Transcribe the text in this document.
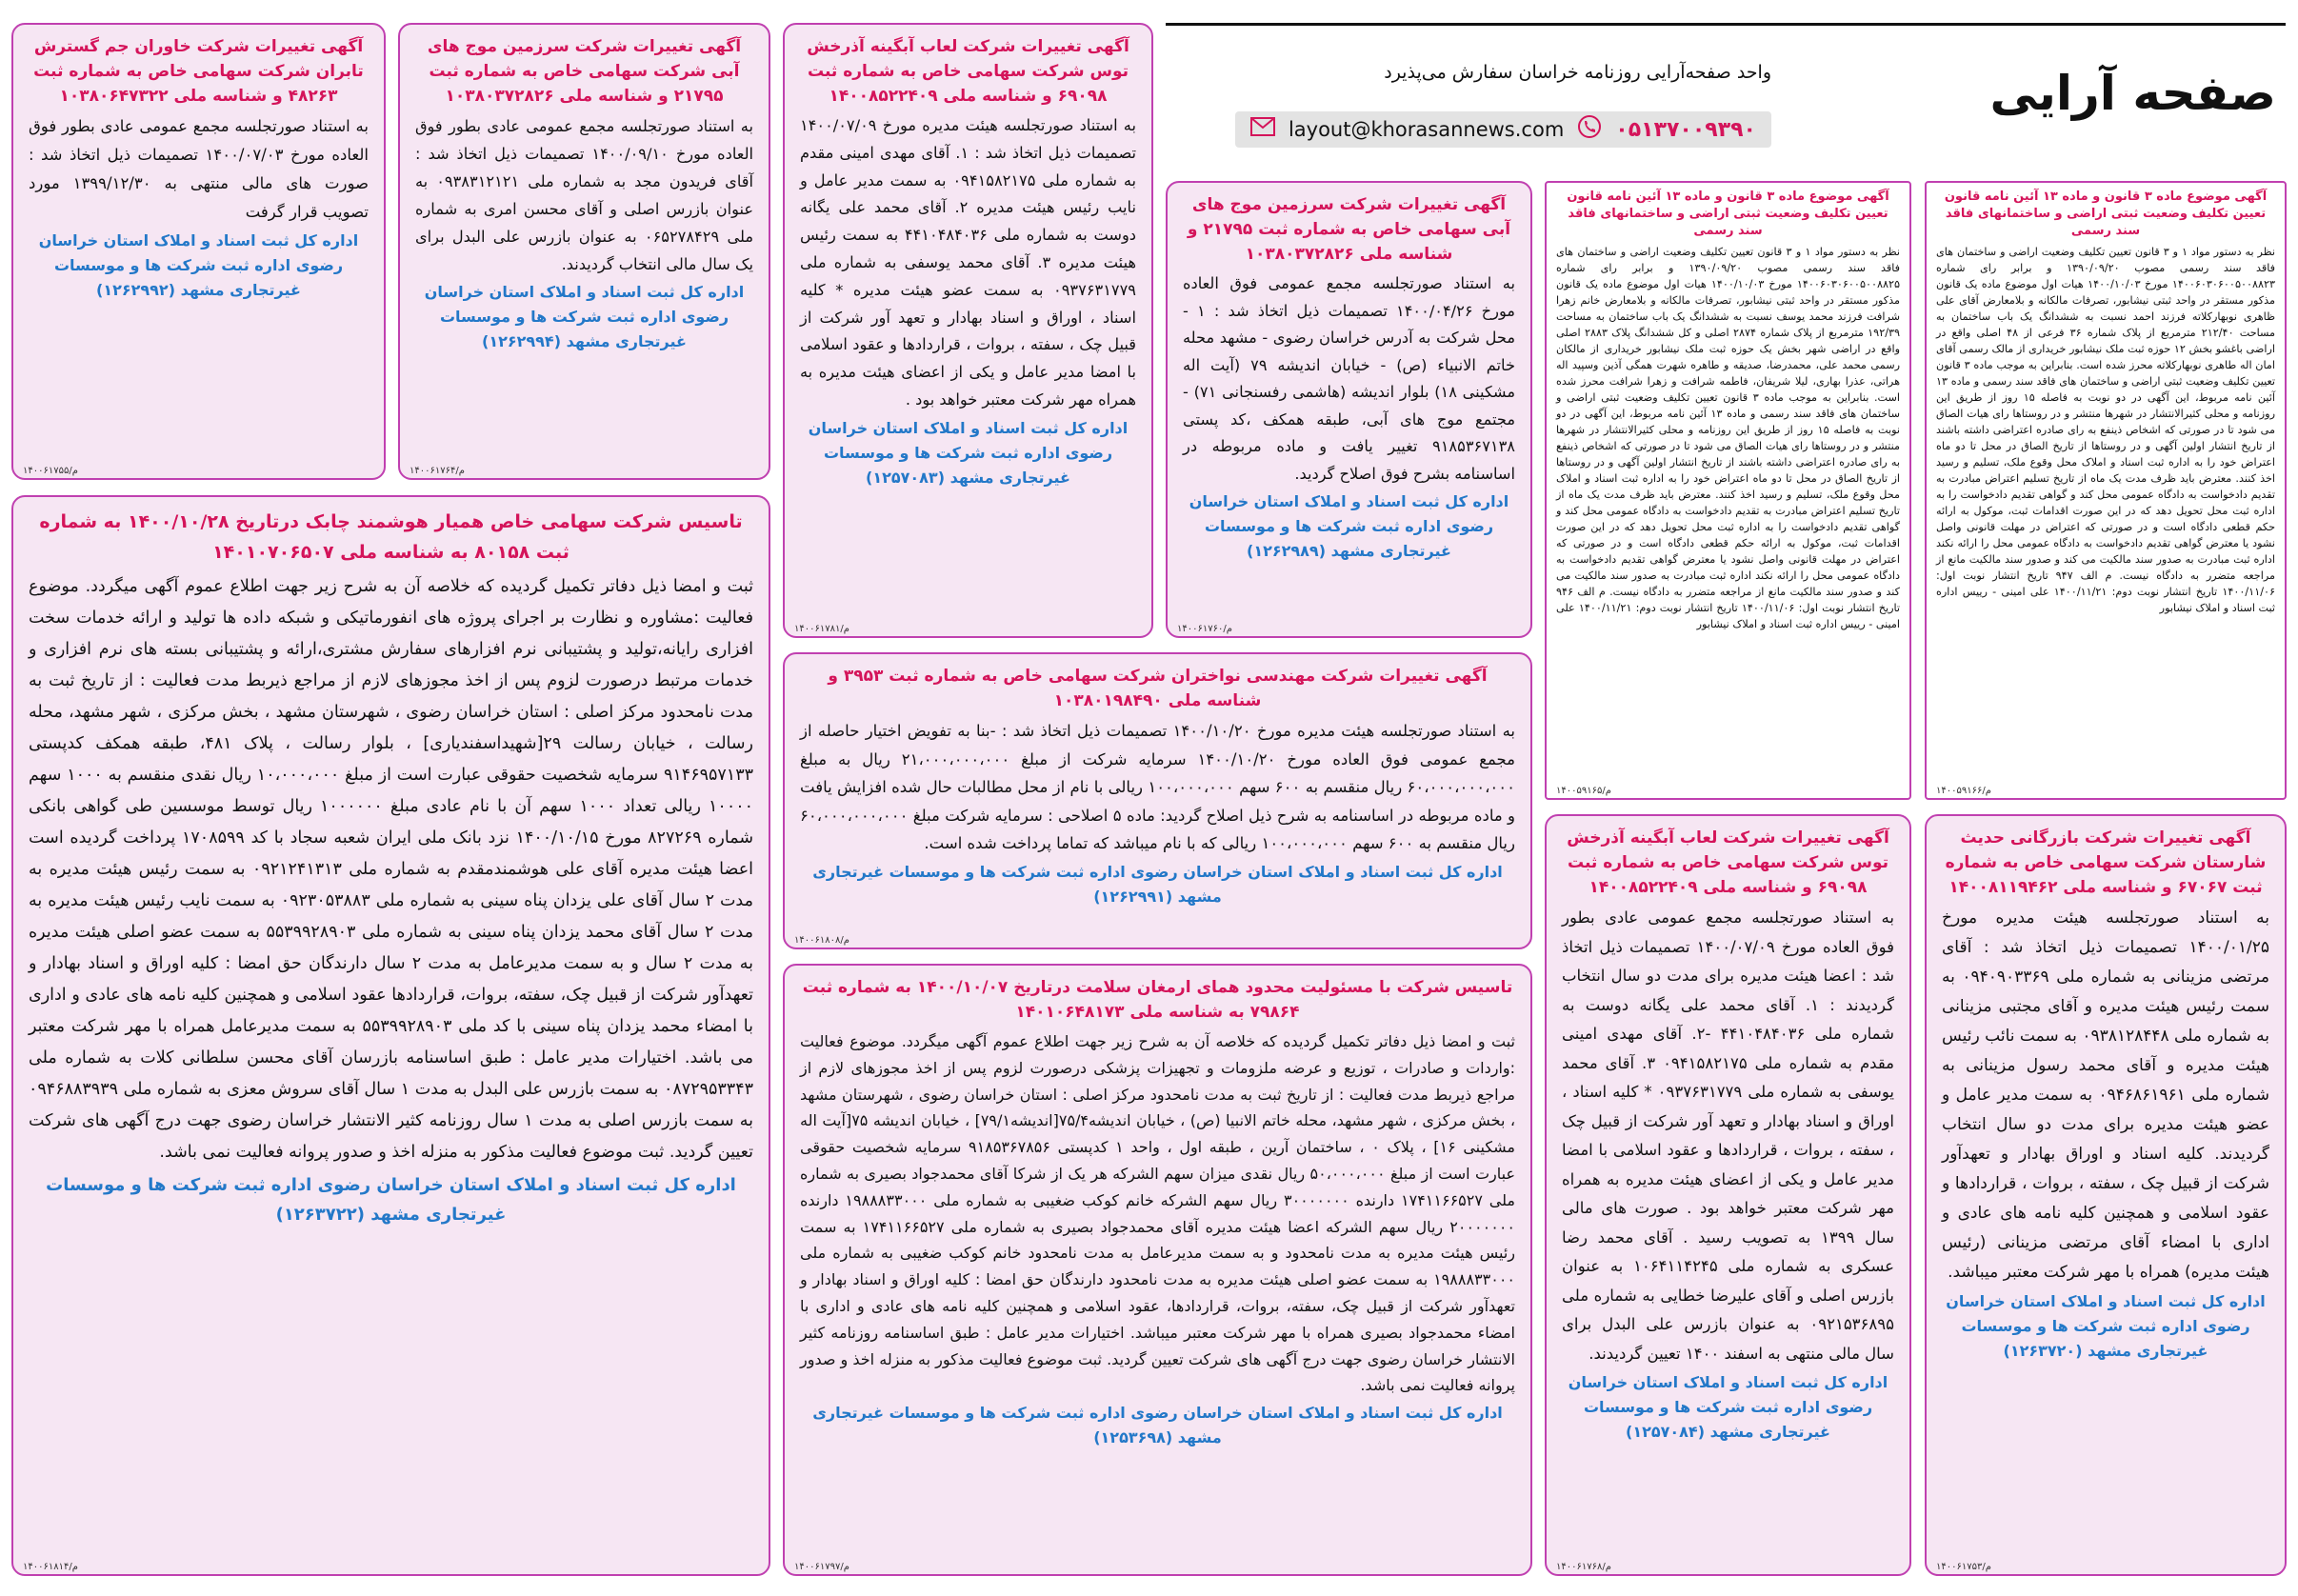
صفحه آرایی
واحد صفحه‌آرایی روزنامه خراسان سفارش می‌پذیرد
layout@khorasannews.com ۰۵۱۳۷۰۰۹۳۹۰
آگهی موضوع ماده ۳ قانون و ماده ۱۳ آئین نامه قانون تعیین تکلیف وضعیت ثبتی اراضی و ساختمانهای فاقد سند رسمی
نظر به دستور مواد ۱ و ۳ قانون تعیین تکلیف وضعیت اراضی و ساختمان های فاقد سند رسمی مصوب ۱۳۹۰/۰۹/۲۰ و برابر رای شماره ۱۴۰۰۶۰۳۰۶۰۰۵۰۰۸۸۲۳ مورخ ۱۴۰۰/۱۰/۰۳ هیات اول موضوع ماده یک قانون مذکور مستقر در واحد ثبتی نیشابور، تصرفات مالکانه و بلامعارض آقای علی ظاهری نوبهارکلاته فرزند احمد نسبت به ششدانگ یک باب ساختمان به مساحت ۲۱۲/۴۰ مترمربع از پلاک شماره ۳۶ فرعی از ۴۸ اصلی واقع در اراضی باغشو بخش ۱۲ حوزه ثبت ملک نیشابور خریداری از مالک رسمی آقای امان اله طاهری نوبهارکلاته محرز شده است. بنابراین به موجب ماده ۳ قانون تعیین تکلیف وضعیت ثبتی اراضی و ساختمان های فاقد سند رسمی و ماده ۱۳ آئین نامه مربوط، این آگهی در دو نوبت به فاصله ۱۵ روز از طریق این روزنامه و محلی کثیرالانتشار در شهرها منتشر و در روستاها رای هیات الصاق می شود تا در صورتی که اشخاص ذینفع به رای صادره اعتراضی داشته باشند از تاریخ انتشار اولین آگهی و در روستاها از تاریخ الصاق در محل تا دو ماه اعتراض خود را به اداره ثبت اسناد و املاک محل وقوع ملک، تسلیم و رسید اخذ کنند. معترض باید ظرف مدت یک ماه از تاریخ تسلیم اعتراض مبادرت به تقدیم دادخواست به دادگاه عمومی محل کند و گواهی تقدیم دادخواست را به اداره ثبت محل تحویل دهد که در این صورت اقدامات ثبت، موکول به ارائه حکم قطعی دادگاه است و در صورتی که اعتراض در مهلت قانونی واصل نشود یا معترض گواهی تقدیم دادخواست به دادگاه عمومی محل را ارائه نکند اداره ثبت مبادرت به صدور سند مالکیت می کند و صدور سند مالکیت مانع از مراجعه متضرر به دادگاه نیست. م الف ۹۴۷ تاریخ انتشار نوبت اول: ۱۴۰۰/۱۱/۰۶ تاریخ انتشار نوبت دوم: ۱۴۰۰/۱۱/۲۱ علی امینی - رییس اداره ثبت اسناد و املاک نیشابور
۱۴۰۰۵۹۱۶۶/م
آگهی تغییرات شرکت بازرگانی حدیث شارستان شرکت سهامی خاص به شماره ثبت ۶۷۰۶۷ و شناسه ملی ۱۴۰۰۸۱۱۹۴۶۲
به استناد صورتجلسه هیئت مدیره مورخ ۱۴۰۰/۰۱/۲۵ تصمیمات ذیل اتخاذ شد : آقای مرتضی مزینانی به شماره ملی ۰۹۴۰۹۰۳۳۶۹ به سمت رئیس هیئت مدیره و آقای مجتبی مزینانی به شماره ملی ۰۹۳۸۱۲۸۴۴۸ به سمت نائب رئیس هیئت مدیره و آقای محمد رسول مزینانی به شماره ملی ۰۹۴۶۸۶۱۹۶۱ به سمت مدیر عامل و عضو هیئت مدیره برای مدت دو سال انتخاب گردیدند. کلیه اسناد و اوراق بهادار و تعهدآور شرکت از قبیل چک ، سفته ، بروات ، قراردادها و عقود اسلامی و همچنین کلیه نامه های عادی و اداری با امضاء آقای مرتضی مزینانی (رئیس هیئت مدیره) همراه با مهر شرکت معتبر میباشد.
اداره کل ثبت اسناد و املاک استان خراسان رضوی اداره ثبت شرکت ها و موسسات غیرتجاری مشهد (۱۲۶۳۷۲۰)
۱۴۰۰۶۱۷۵۳/م
آگهی موضوع ماده ۳ قانون و ماده ۱۳ آئین نامه قانون تعیین تکلیف وضعیت ثبتی اراضی و ساختمانهای فاقد سند رسمی
نظر به دستور مواد ۱ و ۳ قانون تعیین تکلیف وضعیت اراضی و ساختمان های فاقد سند رسمی مصوب ۱۳۹۰/۰۹/۲۰ و برابر رای شماره ۱۴۰۰۶۰۳۰۶۰۰۵۰۰۸۸۲۵ مورخ ۱۴۰۰/۱۰/۰۳ هیات اول موضوع ماده یک قانون مذکور مستقر در واحد ثبتی نیشابور، تصرفات مالکانه و بلامعارض خانم زهرا شرافت فرزند محمد یوسف نسبت به ششدانگ یک باب ساختمان به مساحت ۱۹۲/۳۹ مترمربع از پلاک شماره ۲۸۷۴ اصلی و کل ششدانگ پلاک ۲۸۸۳ اصلی واقع در اراضی شهر بخش یک حوزه ثبت ملک نیشابور خریداری از مالکان رسمی محمد علی، محمدرضا، صدیقه و طاهره شهرت همگی آذین وسپید اله هراتی، عذرا بهاری، لیلا شریفان، فاطمه شرافت و زهرا شرافت محرز شده است. بنابراین به موجب ماده ۳ قانون تعیین تکلیف وضعیت ثبتی اراضی و ساختمان های فاقد سند رسمی و ماده ۱۳ آئین نامه مربوط، این آگهی در دو نوبت به فاصله ۱۵ روز از طریق این روزنامه و محلی کثیرالانتشار در شهرها منتشر و در روستاها رای هیات الصاق می شود تا در صورتی که اشخاص ذینفع به رای صادره اعتراضی داشته باشند از تاریخ انتشار اولین آگهی و در روستاها از تاریخ الصاق در محل تا دو ماه اعتراض خود را به اداره ثبت اسناد و املاک محل وقوع ملک، تسلیم و رسید اخذ کنند. معترض باید ظرف مدت یک ماه از تاریخ تسلیم اعتراض مبادرت به تقدیم دادخواست به دادگاه عمومی محل کند و گواهی تقدیم دادخواست را به اداره ثبت محل تحویل دهد که در این صورت اقدامات ثبت، موکول به ارائه حکم قطعی دادگاه است و در صورتی که اعتراض در مهلت قانونی واصل نشود یا معترض گواهی تقدیم دادخواست به دادگاه عمومی محل را ارائه نکند اداره ثبت مبادرت به صدور سند مالکیت می کند و صدور سند مالکیت مانع از مراجعه متضرر به دادگاه نیست. م الف ۹۴۶ تاریخ انتشار نوبت اول: ۱۴۰۰/۱۱/۰۶ تاریخ انتشار نوبت دوم: ۱۴۰۰/۱۱/۲۱ علی امینی - رییس اداره ثبت اسناد و املاک نیشابور
۱۴۰۰۵۹۱۶۵/م
آگهی تغییرات شرکت لعاب آبگینه آذرخش توس شرکت سهامی خاص به شماره ثبت ۶۹۰۹۸ و شناسه ملی ۱۴۰۰۸۵۲۲۴۰۹
به استناد صورتجلسه مجمع عمومی عادی بطور فوق العاده مورخ ۱۴۰۰/۰۷/۰۹ تصمیمات ذیل اتخاذ شد : اعضا هیئت مدیره برای مدت دو سال انتخاب گردیدند : ۱. آقای محمد علی یگانه دوست به شماره ملی ۴۴۱۰۴۸۴۰۳۶ -۲. آقای مهدی امینی مقدم به شماره ملی ۰۹۴۱۵۸۲۱۷۵ ۳. آقای محمد یوسفی به شماره ملی ۰۹۳۷۶۳۱۷۷۹ * کلیه اسناد ، اوراق و اسناد بهادار و تعهد آور شرکت از قبیل چک ، سفته ، بروات ، قراردادها و عقود اسلامی با امضا مدیر عامل و یکی از اعضای هیئت مدیره به همراه مهر شرکت معتبر خواهد بود . صورت های مالی سال ۱۳۹۹ به تصویب رسید . آقای محمد رضا عسکری به شماره ملی ۱۰۶۴۱۱۴۲۴۵ به عنوان بازرس اصلی و آقای علیرضا خطایی به شماره ملی ۰۹۲۱۵۳۶۸۹۵ به عنوان بازرس علی البدل برای سال مالی منتهی به اسفند ۱۴۰۰ تعیین گردیدند.
اداره کل ثبت اسناد و املاک استان خراسان رضوی اداره ثبت شرکت ها و موسسات غیرتجاری مشهد (۱۲۵۷۰۸۴)
۱۴۰۰۶۱۷۶۸/م
آگهی تغییرات شرکت سرزمین موج های آبی سهامی خاص به شماره ثبت ۲۱۷۹۵ و شناسه ملی ۱۰۳۸۰۳۷۲۸۲۶
به استناد صورتجلسه مجمع عمومی فوق العاده مورخ ۱۴۰۰/۰۴/۲۶ تصمیمات ذیل اتخاذ شد : ۱ - محل شرکت به آدرس خراسان رضوی - مشهد محله خاتم الانبیاء (ص) - خیابان اندیشه ۷۹ (آیت اله مشکینی ۱۸) بلوار اندیشه (هاشمی رفسنجانی ۷۱) - مجتمع موج های آبی، طبقه همکف ،کد پستی ۹۱۸۵۳۶۷۱۳۸ تغییر یافت و ماده مربوطه در اساسنامه بشرح فوق اصلاح گردید.
اداره کل ثبت اسناد و املاک استان خراسان رضوی اداره ثبت شرکت ها و موسسات غیرتجاری مشهد (۱۲۶۲۹۸۹)
۱۴۰۰۶۱۷۶۰/م
آگهی تغییرات شرکت لعاب آبگینه آذرخش توس شرکت سهامی خاص به شماره ثبت ۶۹۰۹۸ و شناسه ملی ۱۴۰۰۸۵۲۲۴۰۹
به استناد صورتجلسه هیئت مدیره مورخ ۱۴۰۰/۰۷/۰۹ تصمیمات ذیل اتخاذ شد : ۱. آقای مهدی امینی مقدم به شماره ملی ۰۹۴۱۵۸۲۱۷۵ به سمت مدیر عامل و نایب رئیس هیئت مدیره ۲. آقای محمد علی یگانه دوست به شماره ملی ۴۴۱۰۴۸۴۰۳۶ به سمت رئیس هیئت مدیره ۳. آقای محمد یوسفی به شماره ملی ۰۹۳۷۶۳۱۷۷۹ به سمت عضو هیئت مدیره * کلیه اسناد ، اوراق و اسناد بهادار و تعهد آور شرکت از قبیل چک ، سفته ، بروات ، قراردادها و عقود اسلامی با امضا مدیر عامل و یکی از اعضای هیئت مدیره به همراه مهر شرکت معتبر خواهد بود .
اداره کل ثبت اسناد و املاک استان خراسان رضوی اداره ثبت شرکت ها و موسسات غیرتجاری مشهد (۱۲۵۷۰۸۳)
۱۴۰۰۶۱۷۸۱/م
آگهی تغییرات شرکت مهندسی نواختران شرکت سهامی خاص به شماره ثبت ۳۹۵۳ و شناسه ملی ۱۰۳۸۰۱۹۸۴۹۰
به استناد صورتجلسه هیئت مدیره مورخ ۱۴۰۰/۱۰/۲۰ تصمیمات ذیل اتخاذ شد : -بنا به تفویض اختیار حاصله از مجمع عمومی فوق العاده مورخ ۱۴۰۰/۱۰/۲۰ سرمایه شرکت از مبلغ ۲۱،۰۰۰،۰۰۰،۰۰۰ ریال به مبلغ ۶۰،۰۰۰،۰۰۰،۰۰۰ ریال منقسم به ۶۰۰ سهم ۱۰۰،۰۰۰،۰۰۰ ریالی با نام از محل مطالبات حال شده افزایش یافت و ماده مربوطه در اساسنامه به شرح ذیل اصلاح گردید: ماده ۵ اصلاحی : سرمایه شرکت مبلغ ۶۰،۰۰۰،۰۰۰،۰۰۰ ریال منقسم به ۶۰۰ سهم ۱۰۰،۰۰۰،۰۰۰ ریالی که با نام میباشد که تماما پرداخت شده است.
اداره کل ثبت اسناد و املاک استان خراسان رضوی اداره ثبت شرکت ها و موسسات غیرتجاری مشهد (۱۲۶۲۹۹۱)
۱۴۰۰۶۱۸۰۸/م
تاسیس شرکت با مسئولیت محدود همای ارمغان سلامت درتاریخ ۱۴۰۰/۱۰/۰۷ به شماره ثبت ۷۹۸۶۴ به شناسه ملی ۱۴۰۱۰۶۴۸۱۷۳
ثبت و امضا ذیل دفاتر تکمیل گردیده که خلاصه آن به شرح زیر جهت اطلاع عموم آگهی میگردد. موضوع فعالیت :واردات و صادرات ، توزیع و عرضه ملزومات و تجهیزات پزشکی درصورت لزوم پس از اخذ مجوزهای لازم از مراجع ذیربط مدت فعالیت : از تاریخ ثبت به مدت نامحدود مرکز اصلی : استان خراسان رضوی ، شهرستان مشهد ، بخش مرکزی ، شهر مشهد، محله خاتم الانبیا (ص) ، خیابان اندیشه۷۵/۴[اندیشه۷۹/۱] ، خیابان اندیشه ۷۵[آیت اله مشکینی ۱۶] ، پلاک ۰ ، ساختمان آرین ، طبقه اول ، واحد ۱ کدپستی ۹۱۸۵۳۶۷۸۵۶ سرمایه شخصیت حقوقی عبارت است از مبلغ ۵۰،۰۰۰،۰۰۰ ریال نقدی میزان سهم الشرکه هر یک از شرکا آقای محمدجواد بصیری به شماره ملی ۱۷۴۱۱۶۶۵۲۷ دارنده ۳۰۰۰۰۰۰۰ ریال سهم الشرکه خانم کوکب ضغیبی به شماره ملی ۱۹۸۸۸۳۳۰۰۰ دارنده ۲۰۰۰۰۰۰۰ ریال سهم الشرکه اعضا هیئت مدیره آقای محمدجواد بصیری به شماره ملی ۱۷۴۱۱۶۶۵۲۷ به سمت رئیس هیئت مدیره به مدت نامحدود و به سمت مدیرعامل به مدت نامحدود خانم کوکب ضغیبی به شماره ملی ۱۹۸۸۸۳۳۰۰۰ به سمت عضو اصلی هیئت مدیره به مدت نامحدود دارندگان حق امضا : کلیه اوراق و اسناد بهادار و تعهدآور شرکت از قبیل چک، سفته، بروات، قراردادها، عقود اسلامی و همچنین کلیه نامه های عادی و اداری با امضاء محمدجواد بصیری همراه با مهر شرکت معتبر میباشد. اختیارات مدیر عامل : طبق اساسنامه روزنامه کثیر الانتشار خراسان رضوی جهت درج آگهی های شرکت تعیین گردید. ثبت موضوع فعالیت مذکور به منزله اخذ و صدور پروانه فعالیت نمی باشد.
اداره کل ثبت اسناد و املاک استان خراسان رضوی اداره ثبت شرکت ها و موسسات غیرتجاری مشهد (۱۲۵۳۶۹۸)
۱۴۰۰۶۱۷۹۷/م
آگهی تغییرات شرکت سرزمین موج های آبی شرکت سهامی خاص به شماره ثبت ۲۱۷۹۵ و شناسه ملی ۱۰۳۸۰۳۷۲۸۲۶
به استناد صورتجلسه مجمع عمومی عادی بطور فوق العاده مورخ ۱۴۰۰/۰۹/۱۰ تصمیمات ذیل اتخاذ شد : آقای فریدون مجد به شماره ملی ۰۹۳۸۳۱۲۱۲۱ به عنوان بازرس اصلی و آقای محسن امری به شماره ملی ۰۶۵۲۷۸۴۲۹ به عنوان بازرس علی البدل برای یک سال مالی انتخاب گردیدند.
اداره کل ثبت اسناد و املاک استان خراسان رضوی اداره ثبت شرکت ها و موسسات غیرتجاری مشهد (۱۲۶۲۹۹۴)
۱۴۰۰۶۱۷۶۴/م
آگهی تغییرات شرکت خاوران جم گسترش تابران شرکت سهامی خاص به شماره ثبت ۴۸۲۶۳ و شناسه ملی ۱۰۳۸۰۶۴۷۳۲۲
به استناد صورتجلسه مجمع عمومی عادی بطور فوق العاده مورخ ۱۴۰۰/۰۷/۰۳ تصمیمات ذیل اتخاذ شد : صورت های مالی منتهی به ۱۳۹۹/۱۲/۳۰ مورد تصویب قرار گرفت
اداره کل ثبت اسناد و املاک استان خراسان رضوی اداره ثبت شرکت ها و موسسات غیرتجاری مشهد (۱۲۶۲۹۹۲)
۱۴۰۰۶۱۷۵۵/م
تاسیس شرکت سهامی خاص همیار هوشمند چابک درتاریخ ۱۴۰۰/۱۰/۲۸ به شماره ثبت ۸۰۱۵۸ به شناسه ملی ۱۴۰۱۰۷۰۶۵۰۷
ثبت و امضا ذیل دفاتر تکمیل گردیده که خلاصه آن به شرح زیر جهت اطلاع عموم آگهی میگردد. موضوع فعالیت :مشاوره و نظارت بر اجرای پروژه های انفورماتیکی و شبکه داده ها تولید و ارائه خدمات سخت افزاری رایانه،تولید و پشتیبانی نرم افزارهای سفارش مشتری،ارائه و پشتیبانی بسته های نرم افزاری و خدمات مرتبط درصورت لزوم پس از اخذ مجوزهای لازم از مراجع ذیربط مدت فعالیت : از تاریخ ثبت به مدت نامحدود مرکز اصلی : استان خراسان رضوی ، شهرستان مشهد ، بخش مرکزی ، شهر مشهد، محله رسالت ، خیابان رسالت ۲۹[شهیداسفندیاری] ، بلوار رسالت ، پلاک ۴۸۱، طبقه همکف کدپستی ۹۱۴۶۹۵۷۱۳۳ سرمایه شخصیت حقوقی عبارت است از مبلغ ۱۰،۰۰۰،۰۰۰ ریال نقدی منقسم به ۱۰۰۰ سهم ۱۰۰۰۰ ریالی تعداد ۱۰۰۰ سهم آن با نام عادی مبلغ ۱۰۰۰۰۰۰ ریال توسط موسسین طی گواهی بانکی شماره ۸۲۷۲۶۹ مورخ ۱۴۰۰/۱۰/۱۵ نزد بانک ملی ایران شعبه سجاد با کد ۱۷۰۸۵۹۹ پرداخت گردیده است اعضا هیئت مدیره آقای علی هوشمندمقدم به شماره ملی ۰۹۲۱۲۴۱۳۱۳ به سمت رئیس هیئت مدیره به مدت ۲ سال آقای علی یزدان پناه سینی به شماره ملی ۰۹۲۳۰۵۳۸۸۳ به سمت نایب رئیس هیئت مدیره به مدت ۲ سال آقای محمد یزدان پناه سینی به شماره ملی ۵۵۳۹۹۲۸۹۰۳ به سمت عضو اصلی هیئت مدیره به مدت ۲ سال و به سمت مدیرعامل به مدت ۲ سال دارندگان حق امضا : کلیه اوراق و اسناد بهادار و تعهدآور شرکت از قبیل چک، سفته، بروات، قراردادها عقود اسلامی و همچنین کلیه نامه های عادی و اداری با امضاء محمد یزدان پناه سینی با کد ملی ۵۵۳۹۹۲۸۹۰۳ به سمت مدیرعامل همراه با مهر شرکت معتبر می باشد. اختیارات مدیر عامل : طبق اساسنامه بازرسان آقای محسن سلطانی کلات به شماره ملی ۰۸۷۲۹۵۳۳۴۳ به سمت بازرس علی البدل به مدت ۱ سال آقای سروش معزی به شماره ملی ۰۹۴۶۸۸۳۹۳۹ به سمت بازرس اصلی به مدت ۱ سال روزنامه کثیر الانتشار خراسان رضوی جهت درج آگهی های شرکت تعیین گردید. ثبت موضوع فعالیت مذکور به منزله اخذ و صدور پروانه فعالیت نمی باشد.
اداره کل ثبت اسناد و املاک استان خراسان رضوی اداره ثبت شرکت ها و موسسات غیرتجاری مشهد (۱۲۶۳۷۲۲)
۱۴۰۰۶۱۸۱۴/م
